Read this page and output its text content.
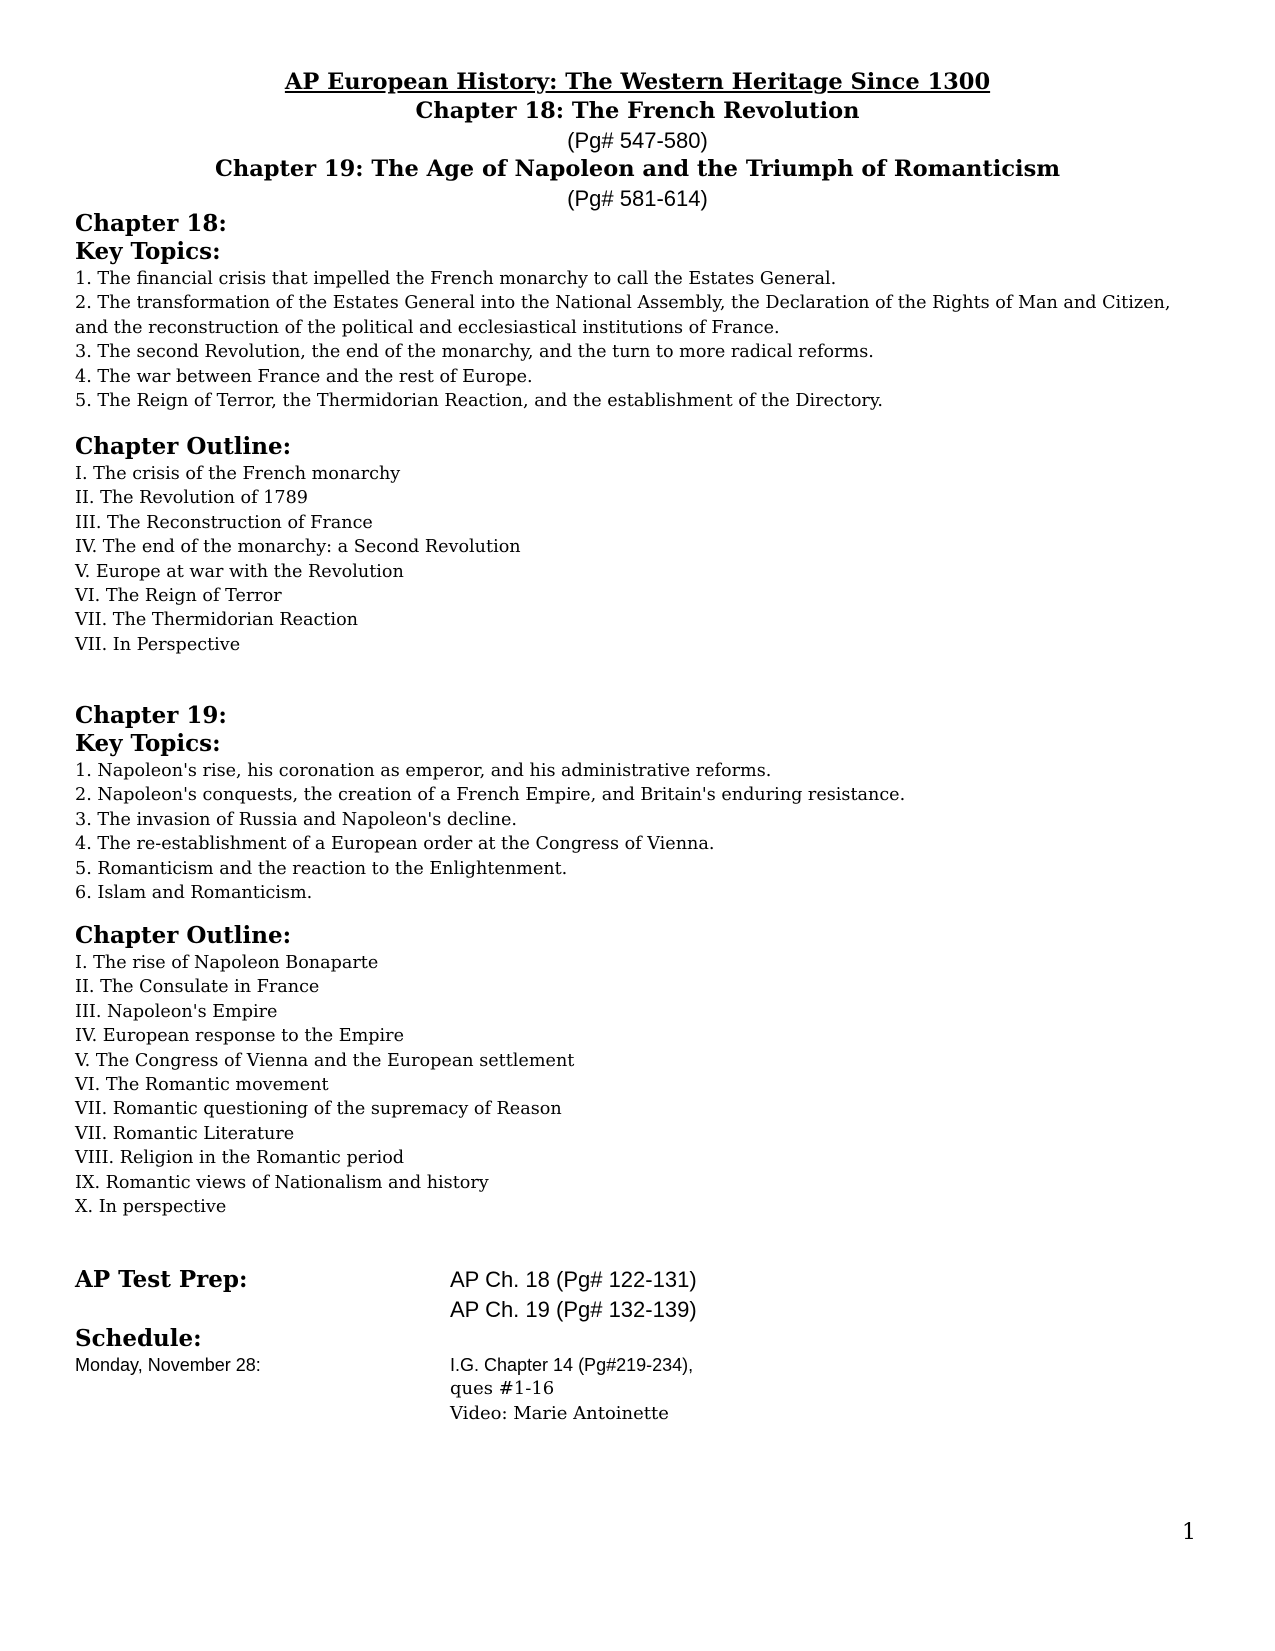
AP European History: The Western Heritage Since 1300
Chapter 18: The French Revolution
(Pg# 547-580)
Chapter 19: The Age of Napoleon and the Triumph of Romanticism
(Pg# 581-614)
Chapter 18:
Key Topics:
1. The financial crisis that impelled the French monarchy to call the Estates General.
2. The transformation of the Estates General into the National Assembly, the Declaration of the Rights of Man and Citizen, and the reconstruction of the political and ecclesiastical institutions of France.
3. The second Revolution, the end of the monarchy, and the turn to more radical reforms.
4. The war between France and the rest of Europe.
5. The Reign of Terror, the Thermidorian Reaction, and the establishment of the Directory.
Chapter Outline:
I. The crisis of the French monarchy
II. The Revolution of 1789
III. The Reconstruction of France
IV. The end of the monarchy: a Second Revolution
V. Europe at war with the Revolution
VI. The Reign of Terror
VII. The Thermidorian Reaction
VII. In Perspective
Chapter 19:
Key Topics:
1. Napoleon's rise, his coronation as emperor, and his administrative reforms.
2. Napoleon's conquests, the creation of a French Empire, and Britain's enduring resistance.
3. The invasion of Russia and Napoleon's decline.
4. The re-establishment of a European order at the Congress of Vienna.
5. Romanticism and the reaction to the Enlightenment.
6. Islam and Romanticism.
Chapter Outline:
I. The rise of Napoleon Bonaparte
II. The Consulate in France
III. Napoleon's Empire
IV. European response to the Empire
V. The Congress of Vienna and the European settlement
VI. The Romantic movement
VII. Romantic questioning of the supremacy of Reason
VII. Romantic Literature
VIII. Religion in the Romantic period
IX. Romantic views of Nationalism and history
X. In perspective
AP Test Prep:	AP Ch. 18 (Pg# 122-131)
AP Ch. 19 (Pg# 132-139)
Schedule:
Monday, November 28:	I.G. Chapter 14 (Pg#219-234),
ques #1-16
Video: Marie Antoinette
1
